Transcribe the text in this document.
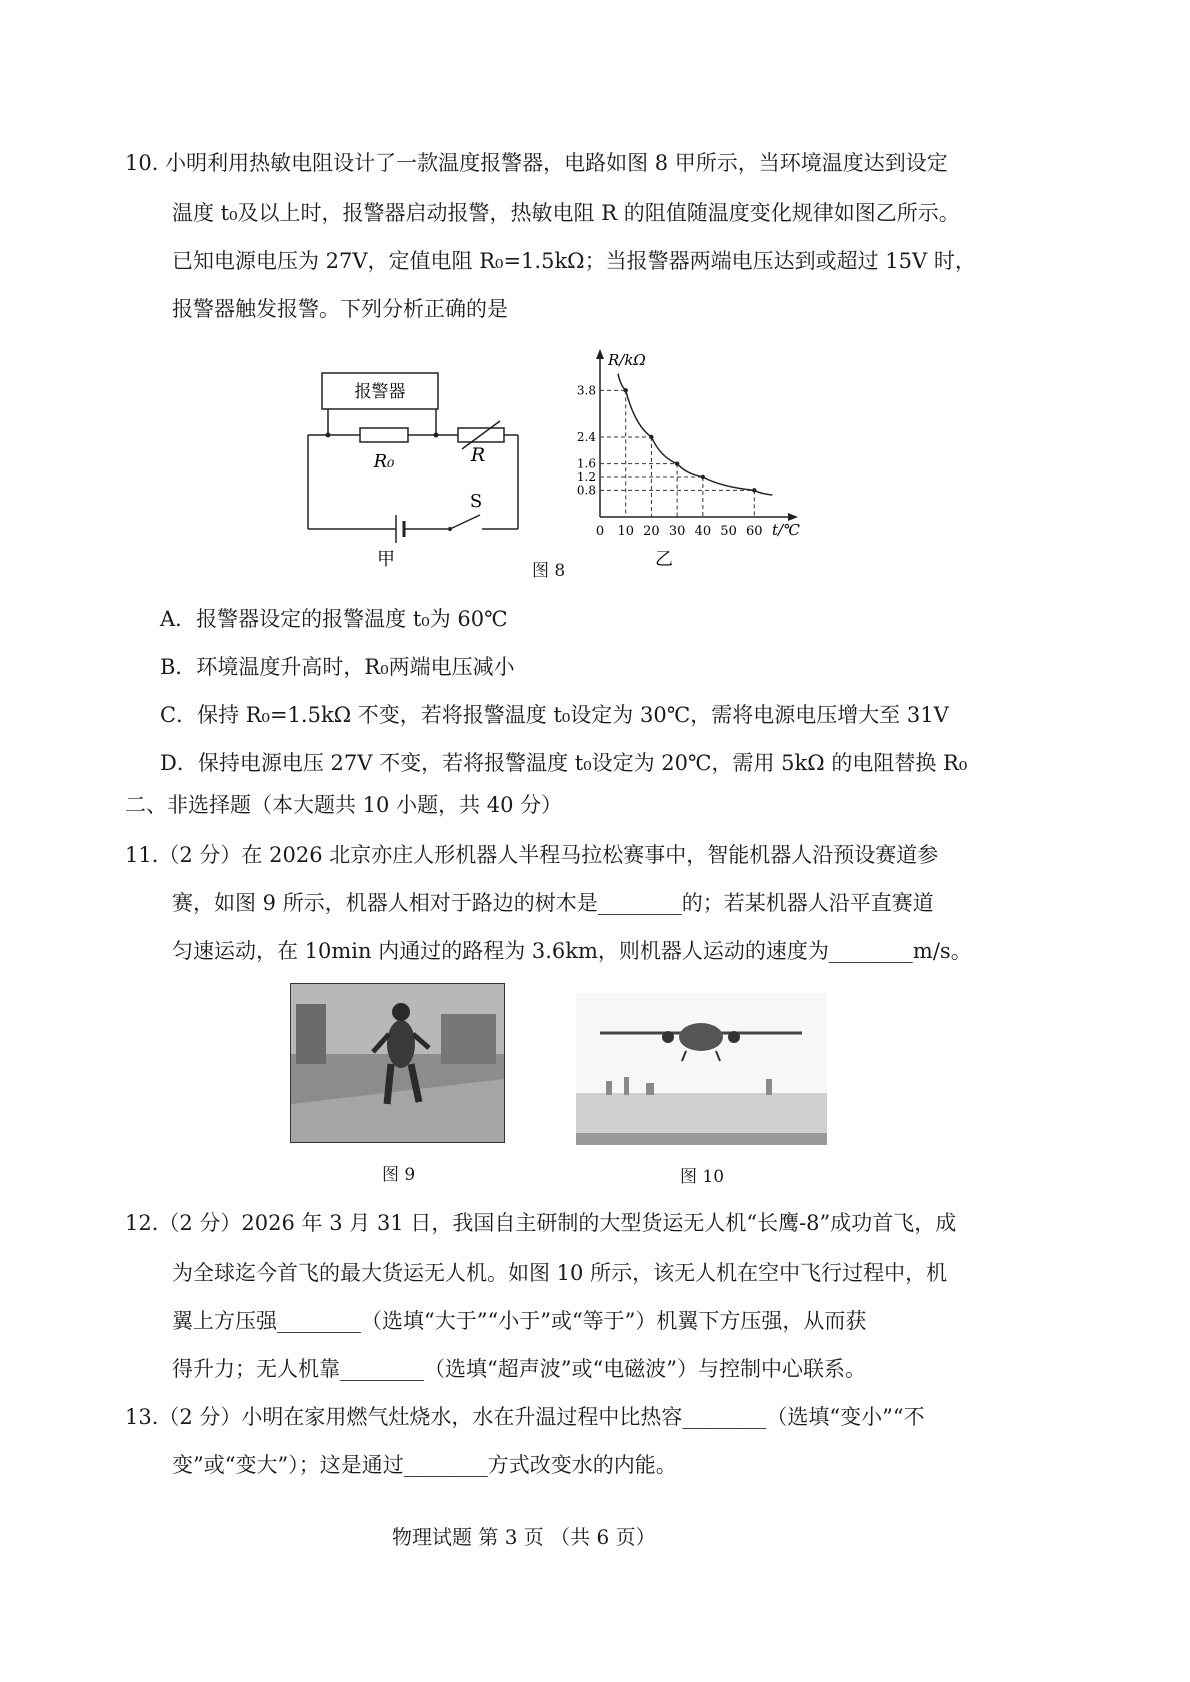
10. 小明利用热敏电阻设计了一款温度报警器，电路如图 8 甲所示，当环境温度达到设定
温度 t₀及以上时，报警器启动报警，热敏电阻 R 的阻值随温度变化规律如图乙所示。
已知电源电压为 27V，定值电阻 R₀=1.5kΩ；当报警器两端电压达到或超过 15V 时，
报警器触发报警。下列分析正确的是
报警器
R₀	R
S
甲
图 8
0 10 20 30 40 50 60
0.8
1.2
1.6
2.4
3.8
R/kΩ
t/℃
乙
A．报警器设定的报警温度 t₀为 60℃
B．环境温度升高时，R₀两端电压减小
C．保持 R₀=1.5kΩ 不变，若将报警温度 t₀设定为 30℃，需将电源电压增大至 31V
D．保持电源电压 27V 不变，若将报警温度 t₀设定为 20℃，需用 5kΩ 的电阻替换 R₀
二、非选择题（本大题共 10 小题，共 40 分）
11.（2 分）在 2026 北京亦庄人形机器人半程马拉松赛事中，智能机器人沿预设赛道参
赛，如图 9 所示，机器人相对于路边的树木是________的；若某机器人沿平直赛道
匀速运动，在 10min 内通过的路程为 3.6km，则机器人运动的速度为________m/s。
图 9	图 10
12.（2 分）2026 年 3 月 31 日，我国自主研制的大型货运无人机“长鹰-8”成功首飞，成
为全球迄今首飞的最大货运无人机。如图 10 所示，该无人机在空中飞行过程中，机
翼上方压强________（选填“大于”“小于”或“等于”）机翼下方压强，从而获
得升力；无人机靠________（选填“超声波”或“电磁波”）与控制中心联系。
13.（2 分）小明在家用燃气灶烧水，水在升温过程中比热容________（选填“变小”“不
变”或“变大”）；这是通过________方式改变水的内能。
物理试题 第 3 页 （共 6 页）
